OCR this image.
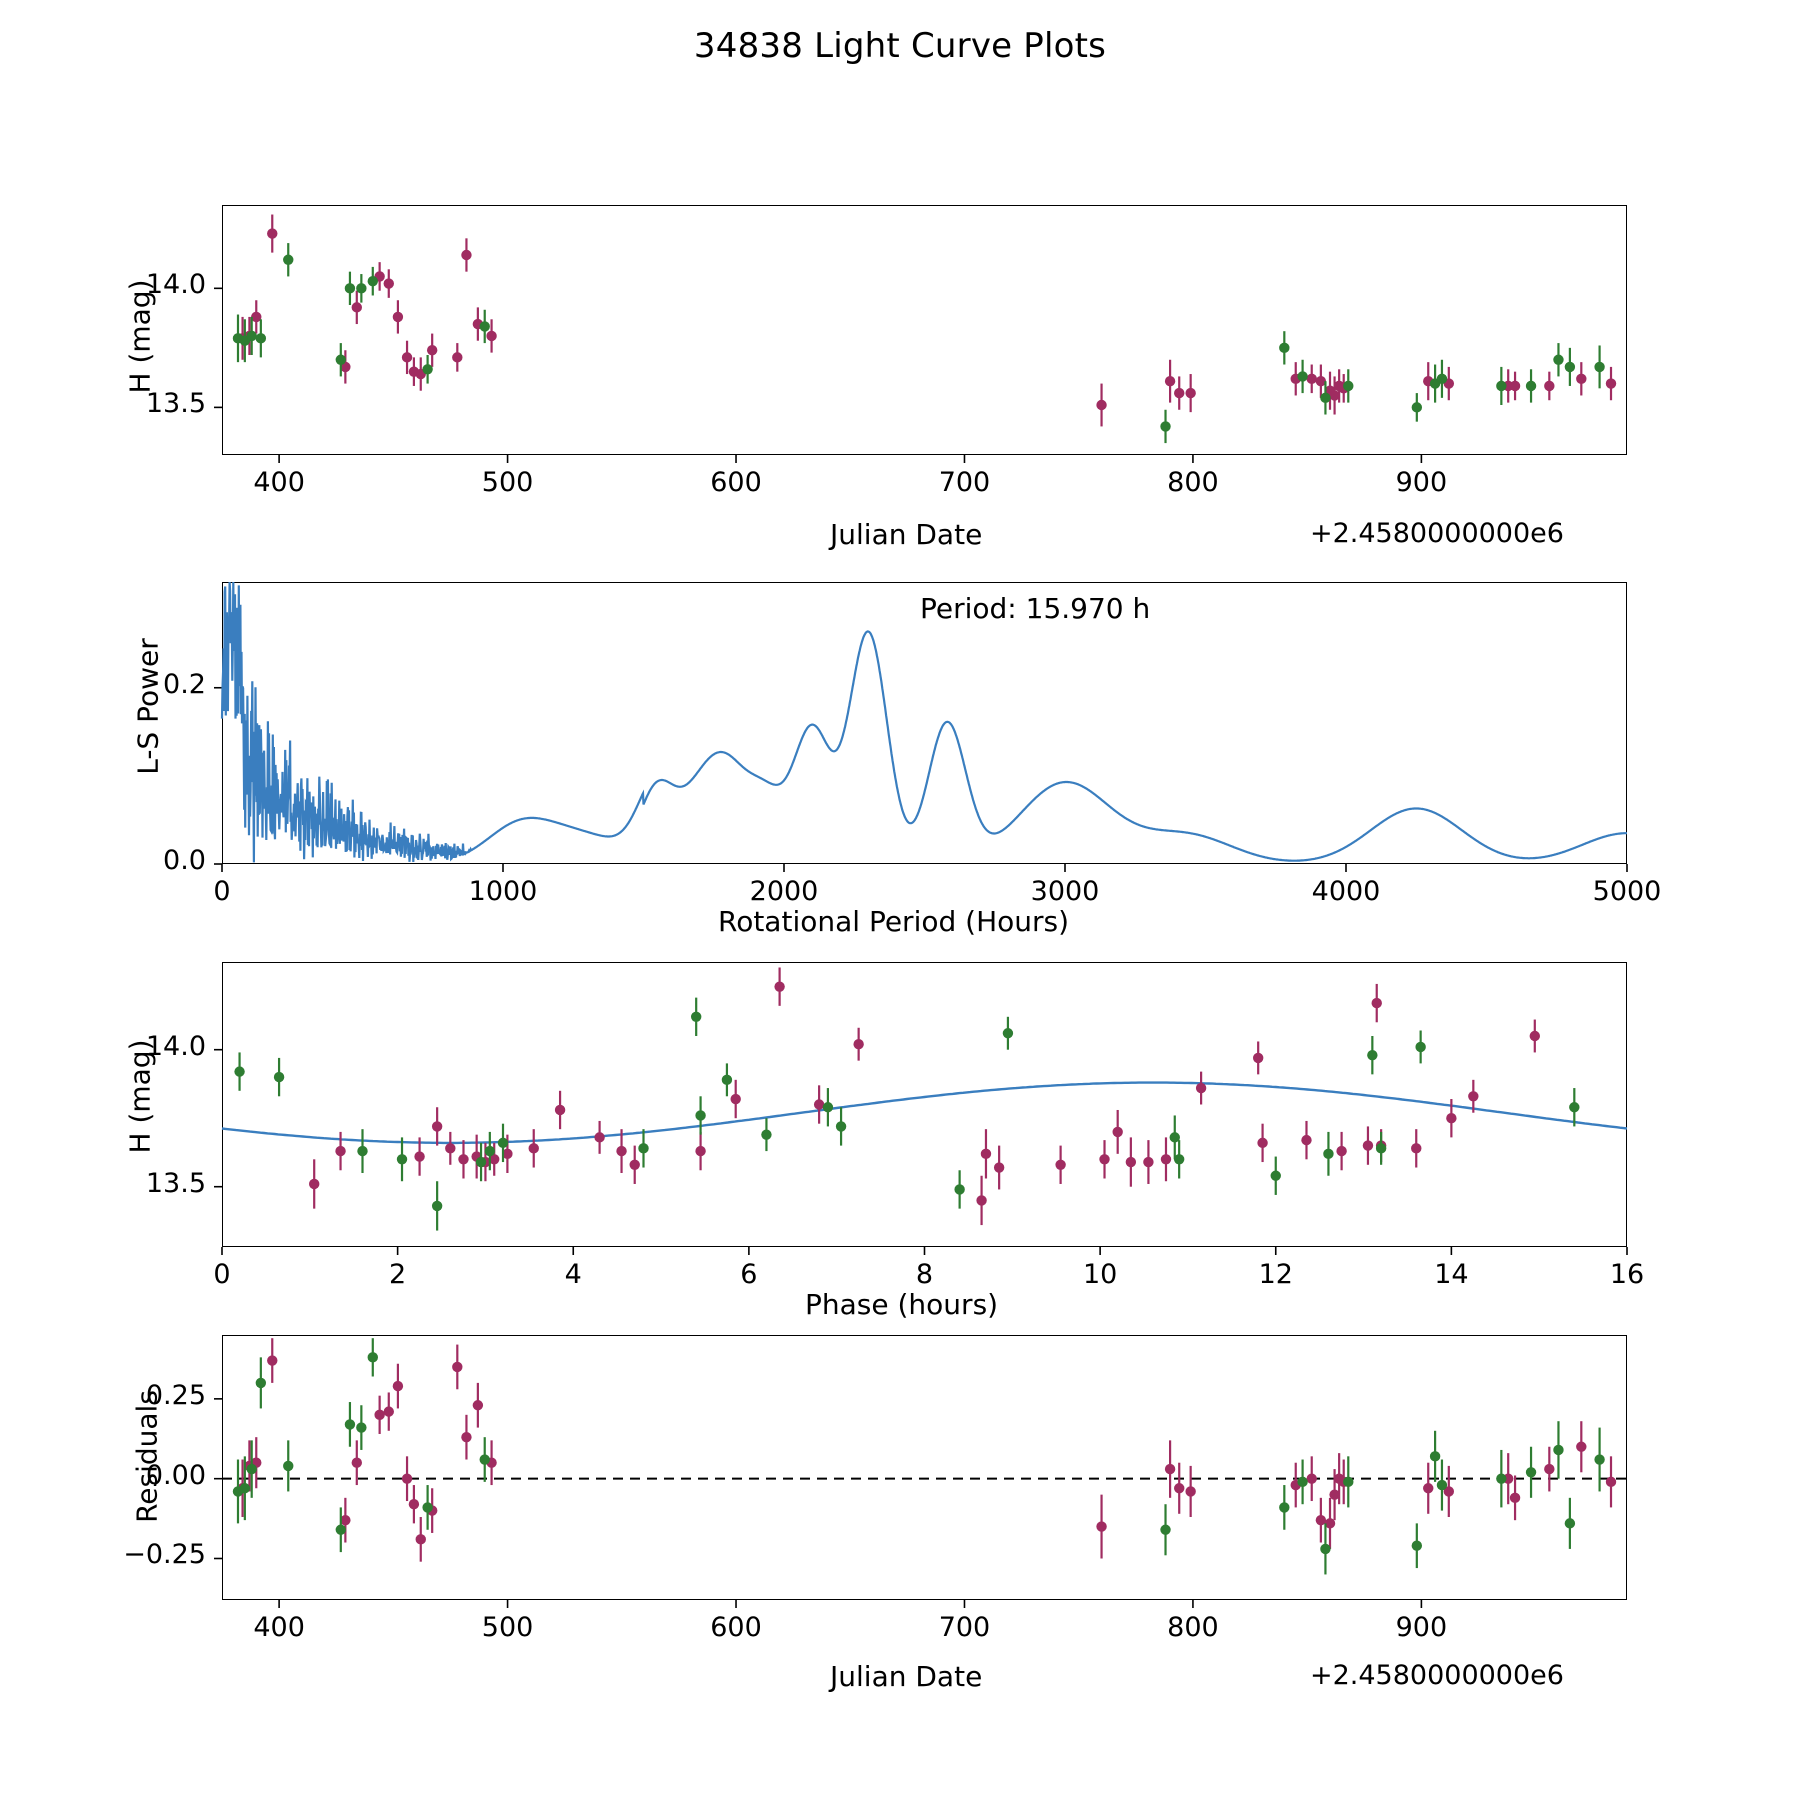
34838 Light Curve Plots
H (mag)
Julian Date	+2.4580000000e6
L-S Power
Rotational Period (Hours)
Period: 15.970 h
H (mag)
Phase (hours)
Residuals
Julian Date	+2.4580000000e6
400	500	600	700	800	900
13.5
14.0
0	1000	2000	3000	4000	5000
0.0
0.2
0	2	4	6	8	10	12	14	16
13.5
14.0
400	500	600	700	800	900
−0.25
0.00
0.25
